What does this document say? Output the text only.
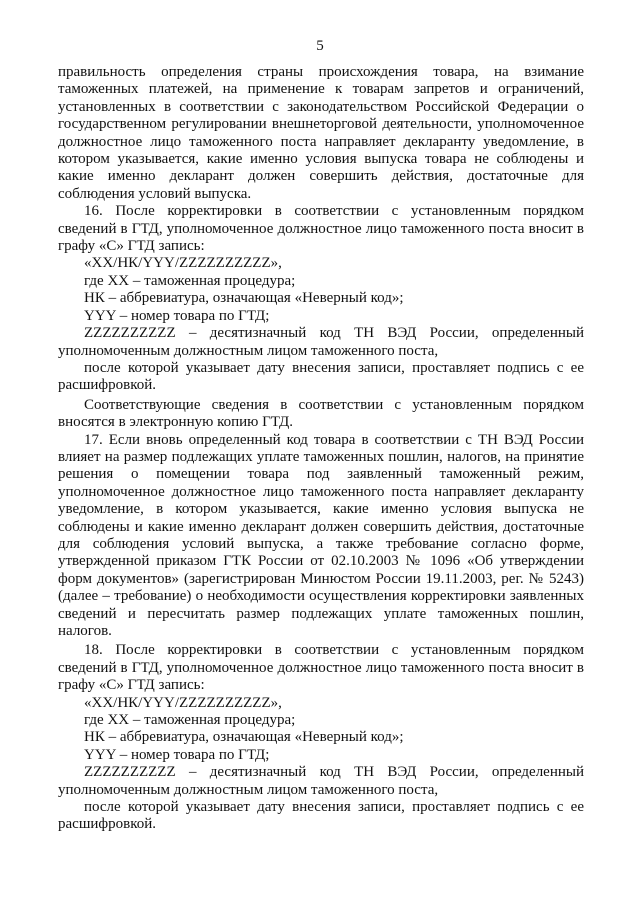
5

правильность определения страны происхождения товара, на взимание таможенных платежей, на применение к товарам запретов и ограничений, установленных в соответствии с законодательством Российской Федерации о государственном регулировании внешнеторговой деятельности, уполномоченное должностное лицо таможенного поста направляет декларанту уведомление, в котором указывается, какие именно условия выпуска товара не соблюдены и какие именно декларант должен совершить действия, достаточные для соблюдения условий выпуска.

16. После корректировки в соответствии с установленным порядком сведений в ГТД, уполномоченное должностное лицо таможенного поста вносит в графу «С» ГТД запись:

«XX/НК/YYY/ZZZZZZZZZZ»,

где XX – таможенная процедура;

НК – аббревиатура, означающая «Неверный код»;

YYY – номер товара по ГТД;

ZZZZZZZZZZ – десятизначный код ТН ВЭД России, определенный уполномоченным должностным лицом таможенного поста,

после которой указывает дату внесения записи, проставляет подпись с ее расшифровкой.

Соответствующие сведения в соответствии с установленным порядком вносятся в электронную копию ГТД.

17. Если вновь определенный код товара в соответствии с ТН ВЭД России влияет на размер подлежащих уплате таможенных пошлин, налогов, на принятие решения о помещении товара под заявленный таможенный режим, уполномоченное должностное лицо таможенного поста направляет декларанту уведомление, в котором указывается, какие именно условия выпуска не соблюдены и какие именно декларант должен совершить действия, достаточные для соблюдения условий выпуска, а также требование согласно форме, утвержденной приказом ГТК России от 02.10.2003 № 1096 «Об утверждении форм документов» (зарегистрирован Минюстом России 19.11.2003, рег. № 5243) (далее – требование) о необходимости осуществления корректировки заявленных сведений и пересчитать размер подлежащих уплате таможенных пошлин, налогов.

18. После корректировки в соответствии с установленным порядком сведений в ГТД, уполномоченное должностное лицо таможенного поста вносит в графу «С» ГТД запись:

«XX/НК/YYY/ZZZZZZZZZZ»,

где XX – таможенная процедура;

НК – аббревиатура, означающая «Неверный код»;

YYY – номер товара по ГТД;

ZZZZZZZZZZ – десятизначный код ТН ВЭД России, определенный уполномоченным должностным лицом таможенного поста,

после которой указывает дату внесения записи, проставляет подпись с ее расшифровкой.
